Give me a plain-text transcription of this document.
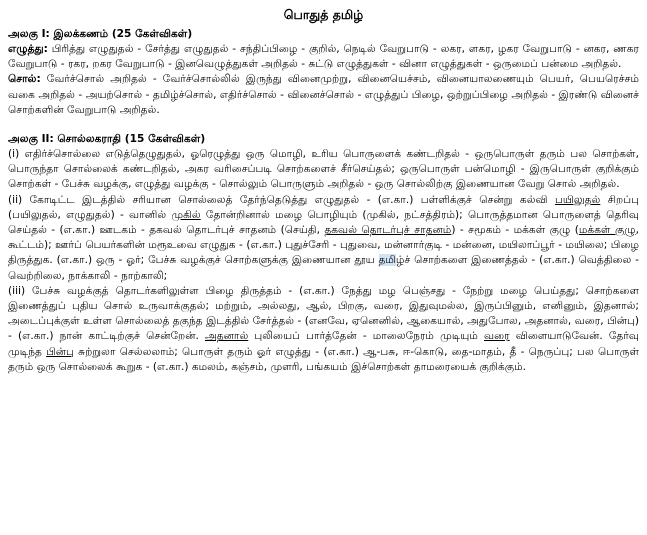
பொதுத் தமிழ்
அலகு I: இலக்கணம் (25 கேள்விகள்)

எழுத்து: பிரித்து எழுதுதல் - சேர்த்து எழுதுதல் - சந்திப்பிழை - குறில், நெடில் வேறுபாடு - லகர, ளகர, ழகர வேறுபாடு - னகர, ணகர வேறுபாடு - ரகர, றகர வேறுபாடு - இனவெழுத்துகள் அறிதல் - சுட்டு எழுத்துகள் - வினா எழுத்துகள் - ஒருமைப் பன்மை அறிதல்.

சொல்: வேர்ச்சொல் அறிதல் - வேர்ச்சொல்லில் இருந்து வினைமுற்று, வினையெச்சம், வினையாலணையும் பெயர், பெயரெச்சம் வகை அறிதல் - அயற்சொல் - தமிழ்ச்சொல், எதிர்ச்சொல் - வினைச்சொல் - எழுத்துப் பிழை, ஒற்றுப்பிழை அறிதல் - இரண்டு வினைச் சொற்களின் வேறுபாடு அறிதல்.

அலகு II: சொல்லகராதி (15 கேள்விகள்)

(i) எதிர்ச்சொல்லை எடுத்தெழுதுதல், ஓரெழுத்து ஒரு மொழி, உரிய பொருளைக் கண்டறிதல் - ஒருபொருள் தரும் பல சொற்கள், பொருந்தா சொல்லைக் கண்டறிதல், அகர வரிசைப்படி சொற்களைச் சீர்செய்தல்; ஒருபொருள் பன்மொழி - இருபொருள் குறிக்கும் சொற்கள் - பேச்சு வழக்கு, எழுத்து வழக்கு - சொல்லும் பொருளும் அறிதல் - ஒரு சொல்லிற்கு இணையான வேறு சொல் அறிதல்.

(ii) கோடிட்ட இடத்தில் சரியான சொல்லைத் தேர்ந்தெடுத்து எழுதுதல் - (எ.கா.) பள்ளிக்குச் சென்று கல்வி பயிலுதல் சிறப்பு (பயிலுதல், எழுதுதல்) - வானில் முகில் தோன்றினால் மழை பொழியும் (முகில், நட்சத்திரம்); பொருத்தமான பொருளைத் தெரிவு செய்தல் - (எ.கா.) ஊடகம் - தகவல் தொடர்புச் சாதனம் (செய்தி, தகவல் தொடர்புச் சாதனம்) - சமூகம் - மக்கள் குழு (மக்கள் குழு, கூட்டம்); ஊர்ப் பெயர்களின் மரூஉவை எழுதுக - (எ.கா.) புதுச்சேரி - புதுவை, மன்னார்குடி - மன்னை, மயிலாப்பூர் - மயிலை; பிழை திருத்துக. (எ.கா.) ஒரு - ஓர்; பேச்சு வழக்குச் சொற்களுக்கு இணையான தூய தமிழ்ச் சொற்களை இணைத்தல் - (எ.கா.) வெத்திலை - வெற்றிலை, நாக்காலி - நாற்காலி;

(iii) பேச்சு வழக்குத் தொடர்களிலுள்ள பிழை திருத்தம் - (எ.கா.) நேத்து மழ பெஞ்சது - நேற்று மழை பெய்தது; சொற்களை இணைத்துப் புதிய சொல் உருவாக்குதல்; மற்றும், அல்லது, ஆல், பிறகு, வரை, இதுவுமல்ல, இருப்பினும், எனினும், இதனால்; அடைப்புக்குள் உள்ள சொல்லைத் தகுந்த இடத்தில் சேர்த்தல் - (எனவே, ஏனெனில், ஆகையால், அதுபோல, அதனால், வரை, பின்பு) - (எ.கா.) நான் காட்டிற்குச் சென்றேன். அதனால் புலியைப் பார்த்தேன் - மாலைநேரம் முடியும் வரை விளையாடுவேன். தேர்வு முடிந்த பின்பு சுற்றுலா செல்லலாம்; பொருள் தரும் ஓர் எழுத்து - (எ.கா.) ஆ-பசு, ஈ-கொடு, தை-மாதம், தீ - நெருப்பு; பல பொருள் தரும் ஒரு சொல்லைக் கூறுக - (எ.கா.) கமலம், கஞ்சம், முளரி, பங்கயம் இச்சொற்கள் தாமரையைக் குறிக்கும்.
